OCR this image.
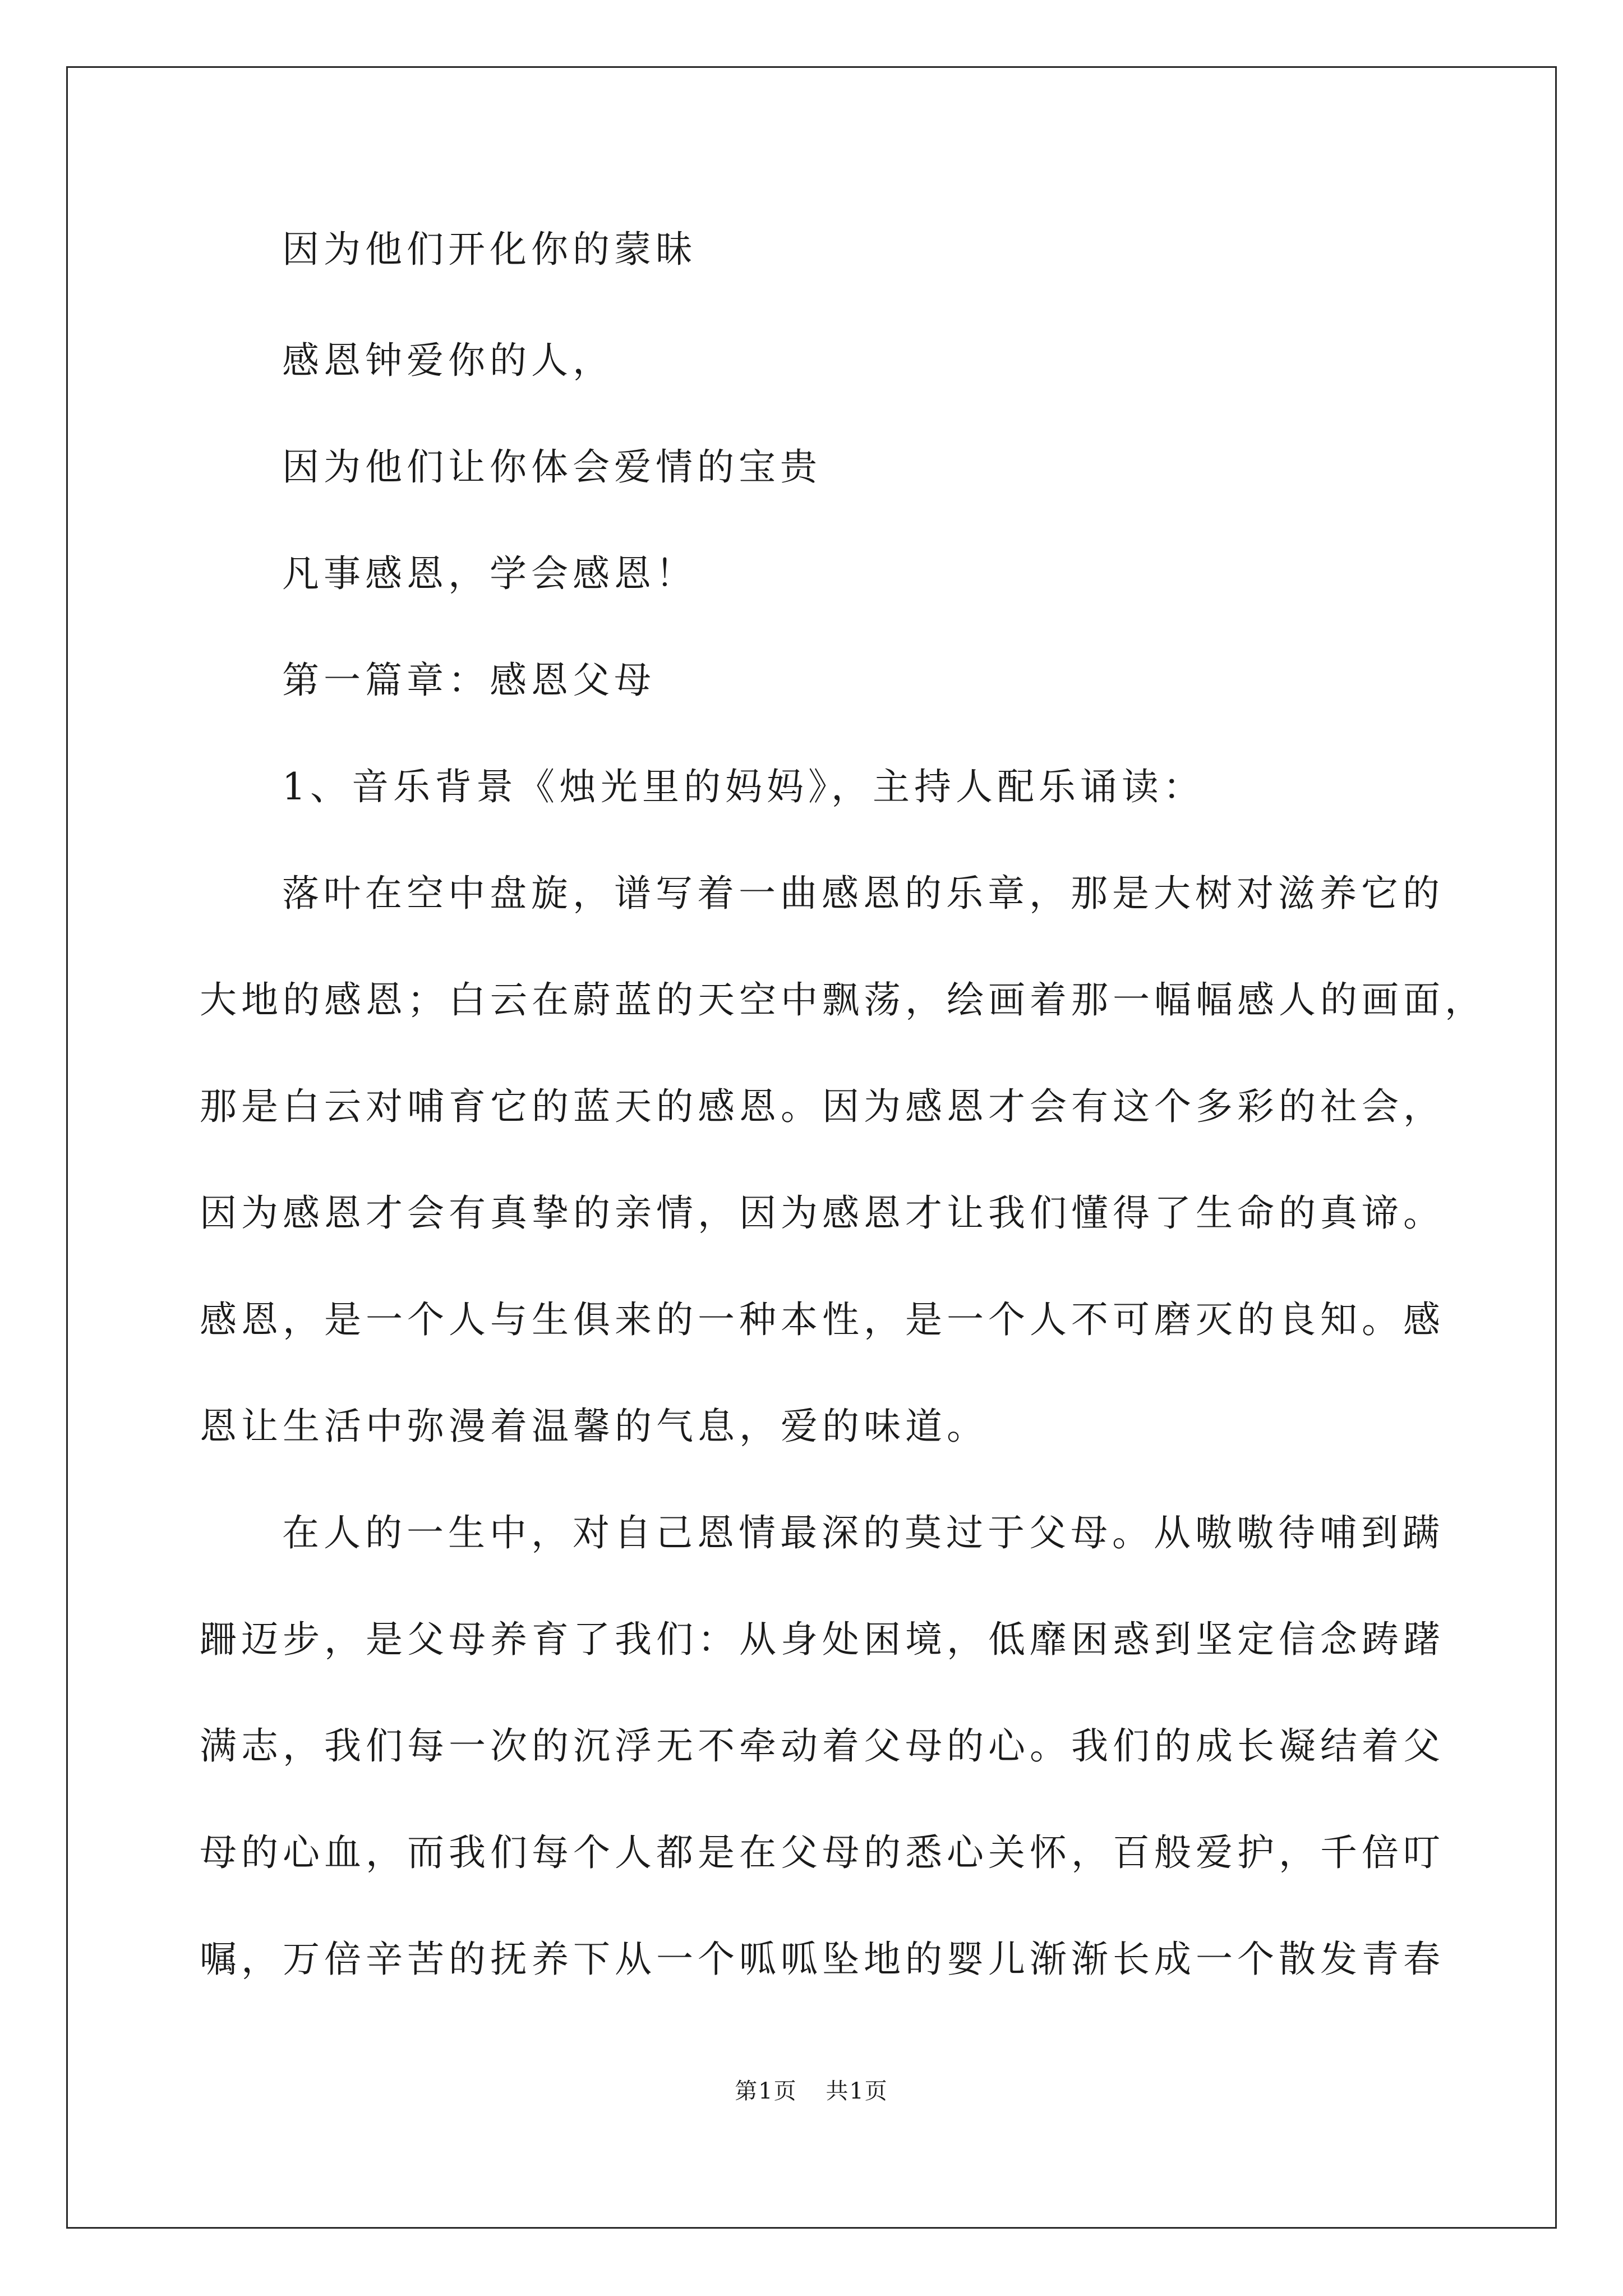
因为他们开化你的蒙昧

感恩钟爱你的人，

因为他们让你体会爱情的宝贵

凡事感恩，学会感恩！

第一篇章：感恩父母

1、音乐背景《烛光里的妈妈》，主持人配乐诵读：

落叶在空中盘旋，谱写着一曲感恩的乐章，那是大树对滋养它的

大地的感恩；白云在蔚蓝的天空中飘荡，绘画着那一幅幅感人的画面，

那是白云对哺育它的蓝天的感恩。因为感恩才会有这个多彩的社会，

因为感恩才会有真挚的亲情，因为感恩才让我们懂得了生命的真谛。

感恩，是一个人与生俱来的一种本性，是一个人不可磨灭的良知。感

恩让生活中弥漫着温馨的气息，爱的味道。

在人的一生中，对自己恩情最深的莫过于父母。从嗷嗷待哺到蹒

跚迈步，是父母养育了我们：从身处困境，低靡困惑到坚定信念踌躇

满志，我们每一次的沉浮无不牵动着父母的心。我们的成长凝结着父

母的心血，而我们每个人都是在父母的悉心关怀，百般爱护，千倍叮

嘱，万倍辛苦的抚养下从一个呱呱坠地的婴儿渐渐长成一个散发青春

第1页 共1页
